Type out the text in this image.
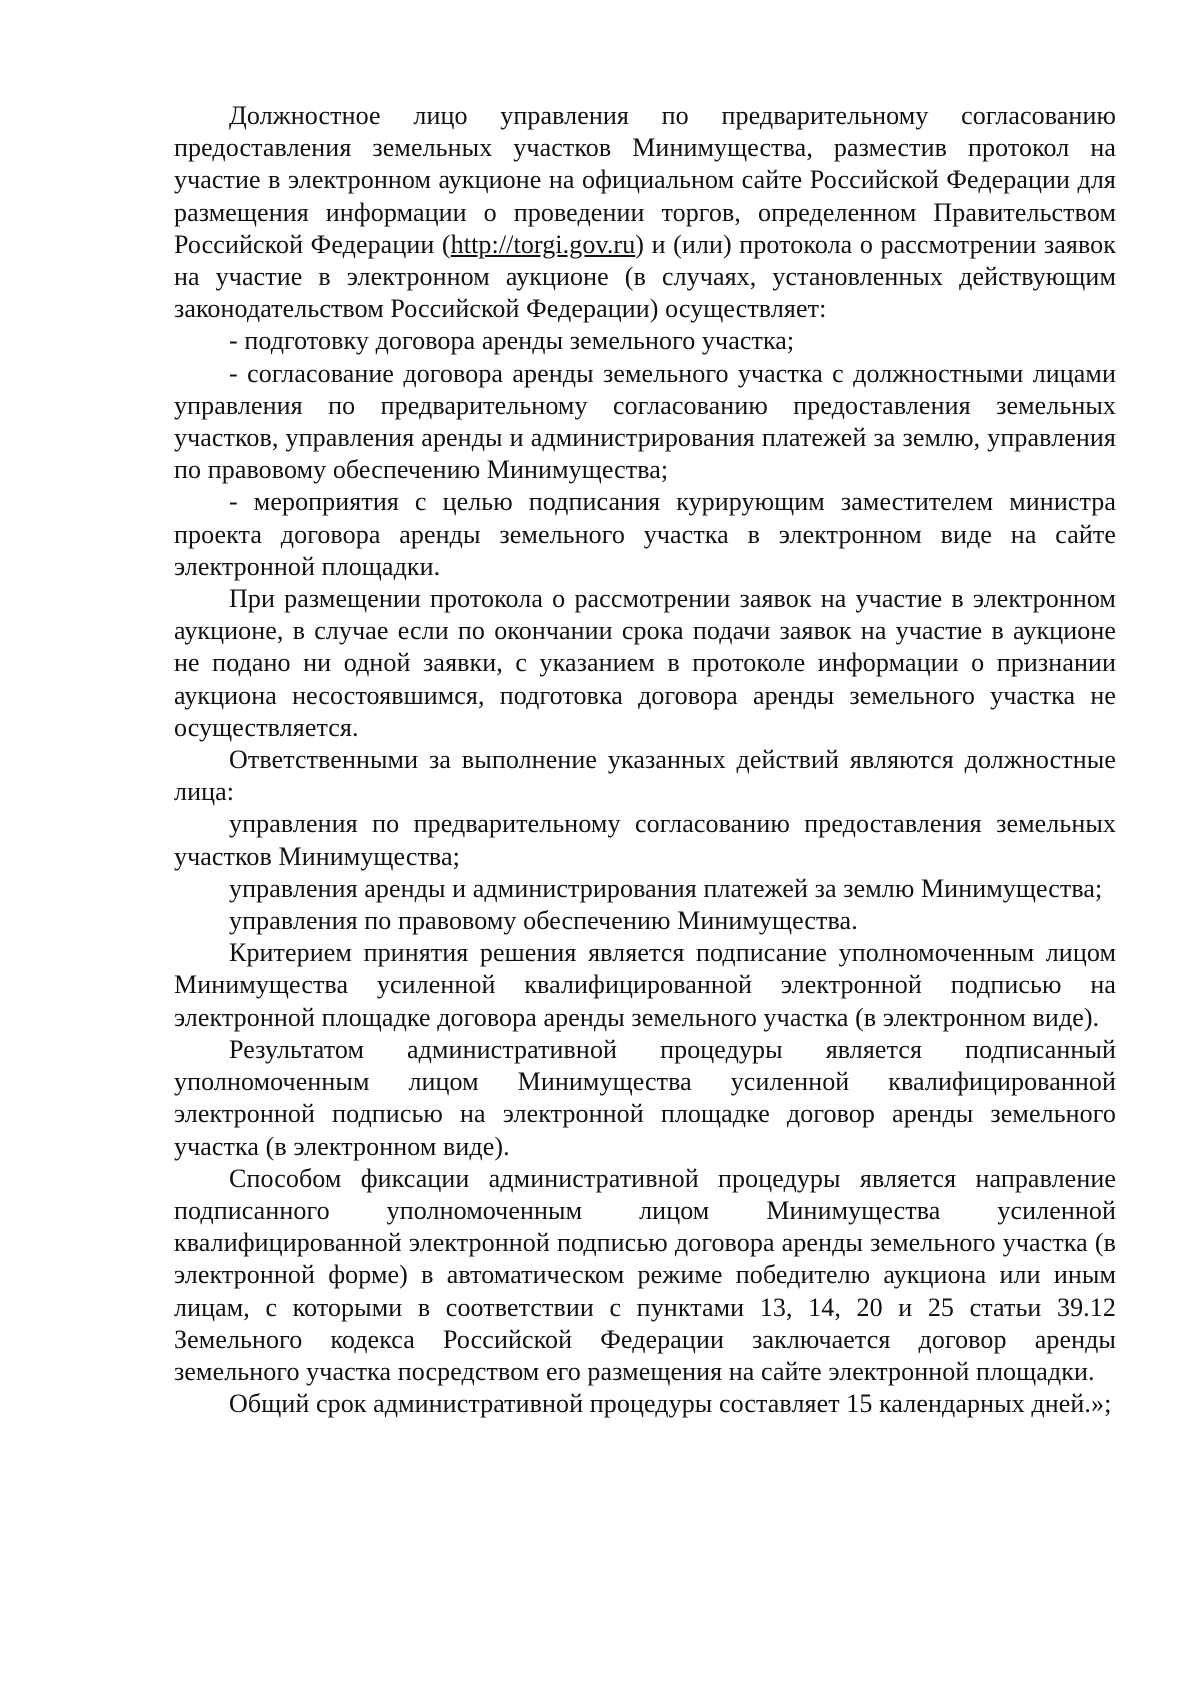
Должностное лицо управления по предварительному согласованию предоставления земельных участков Минимущества, разместив протокол на участие в электронном аукционе на официальном сайте Российской Федерации для размещения информации о проведении торгов, определенном Правительством Российской Федерации (http://torgi.gov.ru) и (или) протокола о рассмотрении заявок на участие в электронном аукционе (в случаях, установленных действующим законодательством Российской Федерации) осуществляет:

- подготовку договора аренды земельного участка;

- согласование договора аренды земельного участка с должностными лицами управления по предварительному согласованию предоставления земельных участков, управления аренды и администрирования платежей за землю, управления по правовому обеспечению Минимущества;

- мероприятия с целью подписания курирующим заместителем министра проекта договора аренды земельного участка в электронном виде на сайте электронной площадки.

При размещении протокола о рассмотрении заявок на участие в электронном аукционе, в случае если по окончании срока подачи заявок на участие в аукционе не подано ни одной заявки, с указанием в протоколе информации о признании аукциона несостоявшимся, подготовка договора аренды земельного участка не осуществляется.

Ответственными за выполнение указанных действий являются должностные лица:

управления по предварительному согласованию предоставления земельных участков Минимущества;

управления аренды и администрирования платежей за землю Минимущества;

управления по правовому обеспечению Минимущества.

Критерием принятия решения является подписание уполномоченным лицом Минимущества усиленной квалифицированной электронной подписью на электронной площадке договора аренды земельного участка (в электронном виде).

Результатом административной процедуры является подписанный уполномоченным лицом Минимущества усиленной квалифицированной электронной подписью на электронной площадке договор аренды земельного участка (в электронном виде).

Способом фиксации административной процедуры является направление подписанного уполномоченным лицом Минимущества усиленной квалифицированной электронной подписью договора аренды земельного участка (в электронной форме) в автоматическом режиме победителю аукциона или иным лицам, с которыми в соответствии с пунктами 13, 14, 20 и 25 статьи 39.12 Земельного кодекса Российской Федерации заключается договор аренды земельного участка посредством его размещения на сайте электронной площадки.

Общий срок административной процедуры составляет 15 календарных дней.»;
